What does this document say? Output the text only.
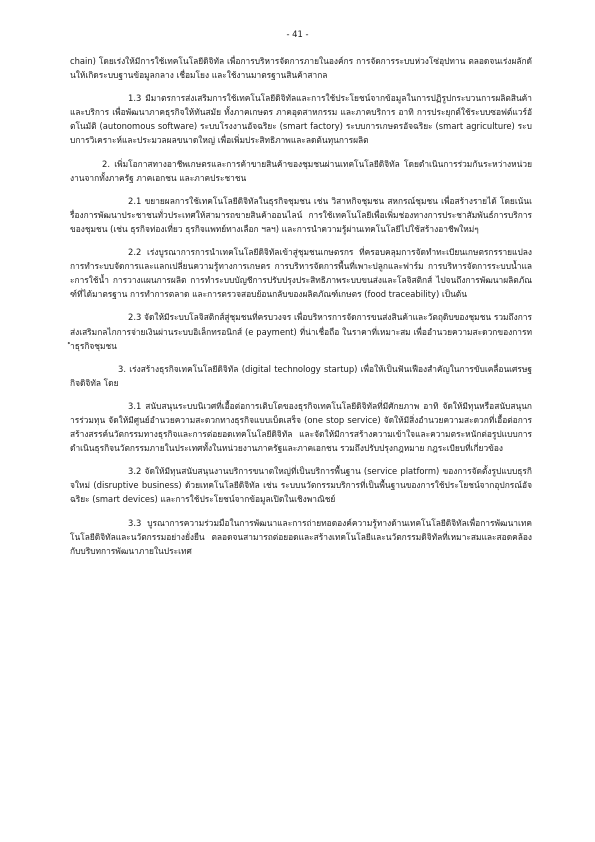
- 41 -

chain) โดยเร่งให้มีการใช้เทคโนโลยีดิจิทัล เพื่อการบริหารจัดการภายในองค์กร การจัดการระบบห่วงโซ่อุปทาน ตลอดจนเร่งผลักดันให้เกิดระบบฐานข้อมูลกลาง เชื่อมโยง และใช้งานมาตรฐานสินค้าสากล

1.3 มีมาตรการส่งเสริมการใช้เทคโนโลยีดิจิทัลและการใช้ประโยชน์จากข้อมูลในการปฏิรูปกระบวนการผลิตสินค้าและบริการ เพื่อพัฒนาภาคธุรกิจให้ทันสมัย ทั้งภาคเกษตร ภาคอุตสาหกรรม และภาคบริการ อาทิ การประยุกต์ใช้ระบบซอฟต์แวร์อัตโนมัติ (autonomous software) ระบบโรงงานอัจฉริยะ (smart factory) ระบบการเกษตรอัจฉริยะ (smart agriculture) ระบบการวิเคราะห์และประมวลผลขนาดใหญ่ เพื่อเพิ่มประสิทธิภาพและลดต้นทุนการผลิต

2. เพิ่มโอกาสทางอาชีพเกษตรและการค้าขายสินค้าของชุมชนผ่านเทคโนโลยีดิจิทัล โดยดำเนินการร่วมกันระหว่างหน่วยงานจากทั้งภาครัฐ ภาคเอกชน และภาคประชาชน

2.1 ขยายผลการใช้เทคโนโลยีดิจิทัลในธุรกิจชุมชน เช่น วิสาหกิจชุมชน สหกรณ์ชุมชน เพื่อสร้างรายได้ โดยเน้นเรื่องการพัฒนาประชาชนทั่วประเทศให้สามารถขายสินค้าออนไลน์ การใช้เทคโนโลยีเพื่อเพิ่มช่องทางการประชาสัมพันธ์การบริการของชุมชน (เช่น ธุรกิจท่องเที่ยว ธุรกิจแพทย์ทางเลือก ฯลฯ) และการนำความรู้ผ่านเทคโนโลยีไปใช้สร้างอาชีพใหม่ๆ

2.2 เร่งบูรณาการการนำเทคโนโลยีดิจิทัลเข้าสู่ชุมชนเกษตรกร ที่ครอบคลุมการจัดทำทะเบียนเกษตรกรรายแปลง การทำระบบจัดการและแลกเปลี่ยนความรู้ทางการเกษตร การบริหารจัดการพื้นที่เพาะปลูกและฟาร์ม การบริหารจัดการระบบน้ำและการใช้น้ำ การวางแผนการผลิต การทำระบบบัญชีการปรับปรุงประสิทธิภาพระบบขนส่งและโลจิสติกส์ ไปจนถึงการพัฒนาผลิตภัณฑ์ที่ได้มาตรฐาน การทำการตลาด และการตรวจสอบย้อนกลับของผลิตภัณฑ์เกษตร (food traceability) เป็นต้น

2.3 จัดให้มีระบบโลจิสติกส์สู่ชุมชนที่ครบวงจร เพื่อบริหารการจัดการขนส่งสินค้าและวัตถุดิบของชุมชน รวมถึงการส่งเสริมกลไกการจ่ายเงินผ่านระบบอิเล็กทรอนิกส์ (e payment) ที่น่าเชื่อถือ ในราคาที่เหมาะสม เพื่ออำนวยความสะดวกของการทำธุรกิจชุมชน

3. เร่งสร้างธุรกิจเทคโนโลยีดิจิทัล (digital technology startup) เพื่อให้เป็นฟันเฟืองสำคัญในการขับเคลื่อนเศรษฐกิจดิจิทัล โดย

3.1 สนับสนุนระบบนิเวศที่เอื้อต่อการเติบโตของธุรกิจเทคโนโลยีดิจิทัลที่มีศักยภาพ อาทิ จัดให้มีทุนหรือสนับสนุนการร่วมทุน จัดให้มีศูนย์อำนวยความสะดวกทางธุรกิจแบบเบ็ดเสร็จ (one stop service) จัดให้มีสิ่งอำนวยความสะดวกที่เอื้อต่อการสร้างสรรค์นวัตกรรมทางธุรกิจและการต่อยอดเทคโนโลยีดิจิทัล และจัดให้มีการสร้างความเข้าใจและความตระหนักต่อรูปแบบการดำเนินธุรกิจนวัตกรรมภายในประเทศทั้งในหน่วยงานภาครัฐและภาคเอกชน รวมถึงปรับปรุงกฎหมาย กฎระเบียบที่เกี่ยวข้อง

3.2 จัดให้มีทุนสนับสนุนงานบริการขนาดใหญ่ที่เป็นบริการพื้นฐาน (service platform) ของการจัดตั้งรูปแบบธุรกิจใหม่ (disruptive business) ด้วยเทคโนโลยีดิจิทัล เช่น ระบบนวัตกรรมบริการที่เป็นพื้นฐานของการใช้ประโยชน์จากอุปกรณ์อัจฉริยะ (smart devices) และการใช้ประโยชน์จากข้อมูลเปิดในเชิงพาณิชย์

3.3 บูรณาการความร่วมมือในการพัฒนาและการถ่ายทอดองค์ความรู้ทางด้านเทคโนโลยีดิจิทัลเพื่อการพัฒนาเทคโนโลยีดิจิทัลและนวัตกรรมอย่างยั่งยืน ตลอดจนสามารถต่อยอดและสร้างเทคโนโลยีและนวัตกรรมดิจิทัลที่เหมาะสมและสอดคล้องกับบริบทการพัฒนาภายในประเทศ
